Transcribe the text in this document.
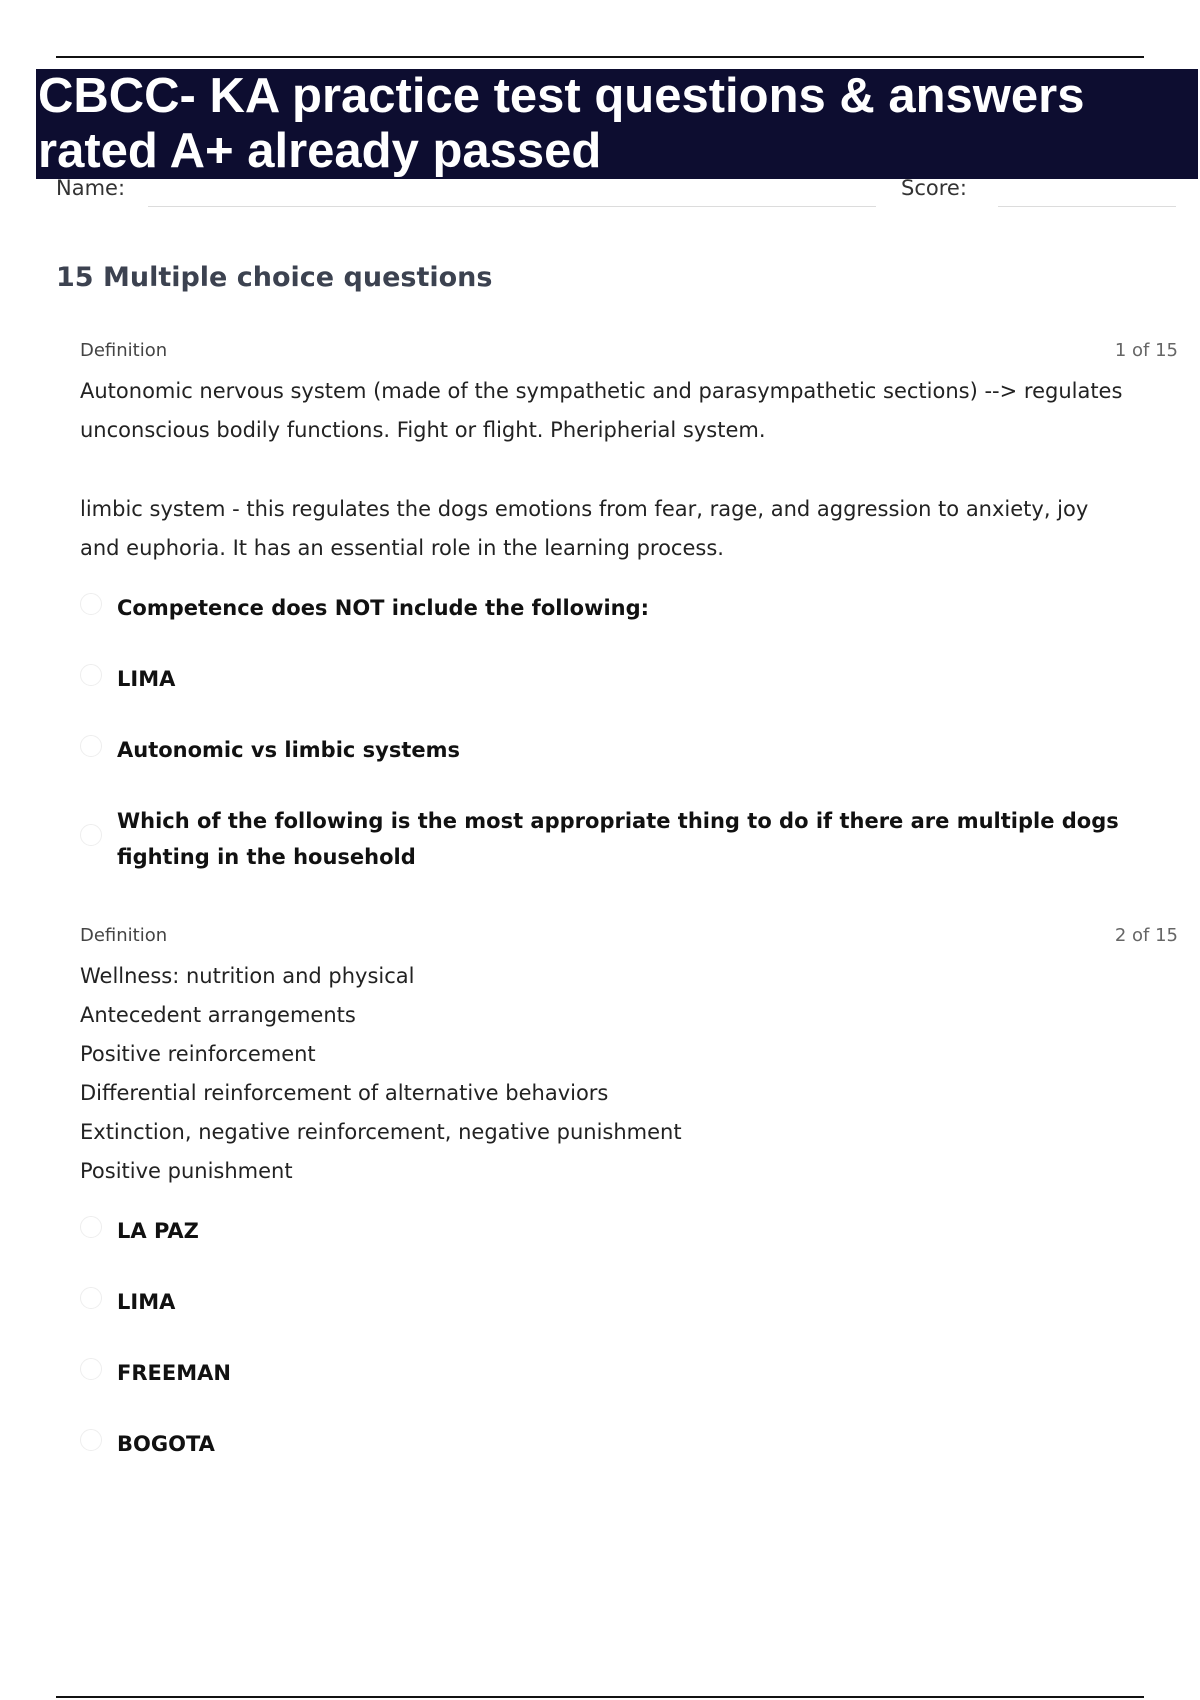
CBCC- KA practice test questions & answers
rated A+ already passed
Name:	Score:
15 Multiple choice questions
Definition	1 of 15

Autonomic nervous system (made of the sympathetic and parasympathetic sections) --> regulates

unconscious bodily functions. Fight or flight. Pheripherial system.

limbic system - this regulates the dogs emotions from fear, rage, and aggression to anxiety, joy

and euphoria. It has an essential role in the learning process.

Competence does NOT include the following:
LIMA
Autonomic vs limbic systems
Which of the following is the most appropriate thing to do if there are multiple dogs fighting in the household
Definition	2 of 15

Wellness: nutrition and physical

Antecedent arrangements

Positive reinforcement

Differential reinforcement of alternative behaviors

Extinction, negative reinforcement, negative punishment

Positive punishment

LA PAZ
LIMA
FREEMAN
BOGOTA
